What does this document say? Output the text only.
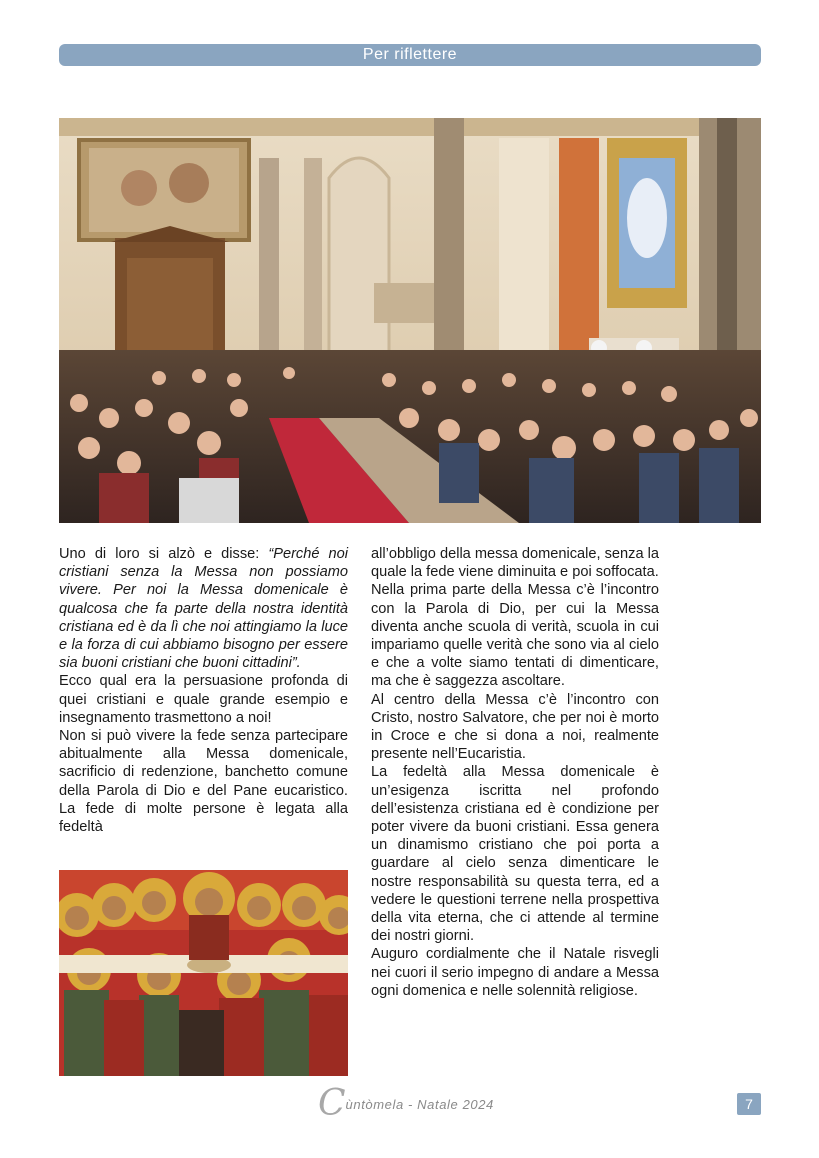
Per riflettere

Uno di loro si alzò e disse: “Perché noi cristiani senza la Messa non possiamo vivere. Per noi la Messa domenicale è qualcosa che fa parte della nostra identità cristiana ed è da lì che noi attingiamo la luce e la forza di cui abbiamo bisogno per essere sia buoni cristiani che buoni cittadini”.

Ecco qual era la persuasione profonda di quei cristiani e quale grande esempio e insegnamento trasmettono a noi!

Non si può vivere la fede senza partecipare abitualmente alla Messa domenicale, sacrificio di redenzione, banchetto comune della Parola di Dio e del Pane eucaristico. La fede di molte persone è legata alla fedeltà

all’obbligo della messa domenicale, senza la quale la fede viene diminuita e poi soffocata.

Nella prima parte della Messa c’è l’incontro con la Parola di Dio, per cui la Messa diventa anche scuola di verità, scuola in cui impariamo quelle verità che sono via al cielo e che a volte siamo tentati di dimenticare, ma che è saggezza ascoltare.

Al centro della Messa c’è l’incontro con Cristo, nostro Salvatore, che per noi è morto in Croce e che si dona a noi, realmente presente nell’Eucaristia.

La fedeltà alla Messa domenicale è un’esigenza iscritta nel profondo dell’esistenza cristiana ed è condizione per poter vivere da buoni cristiani. Essa genera un dinamismo cristiano che poi porta a guardare al cielo senza dimenticare le nostre responsabilità su questa terra, ed a vedere le questioni terrene nella prospettiva della vita eterna, che ci attende al termine dei nostri giorni.

Auguro cordialmente che il Natale risvegli nei cuori il serio impegno di andare a Messa ogni domenica e nelle solennità religiose.

C ùntòmela - Natale 2024	7
